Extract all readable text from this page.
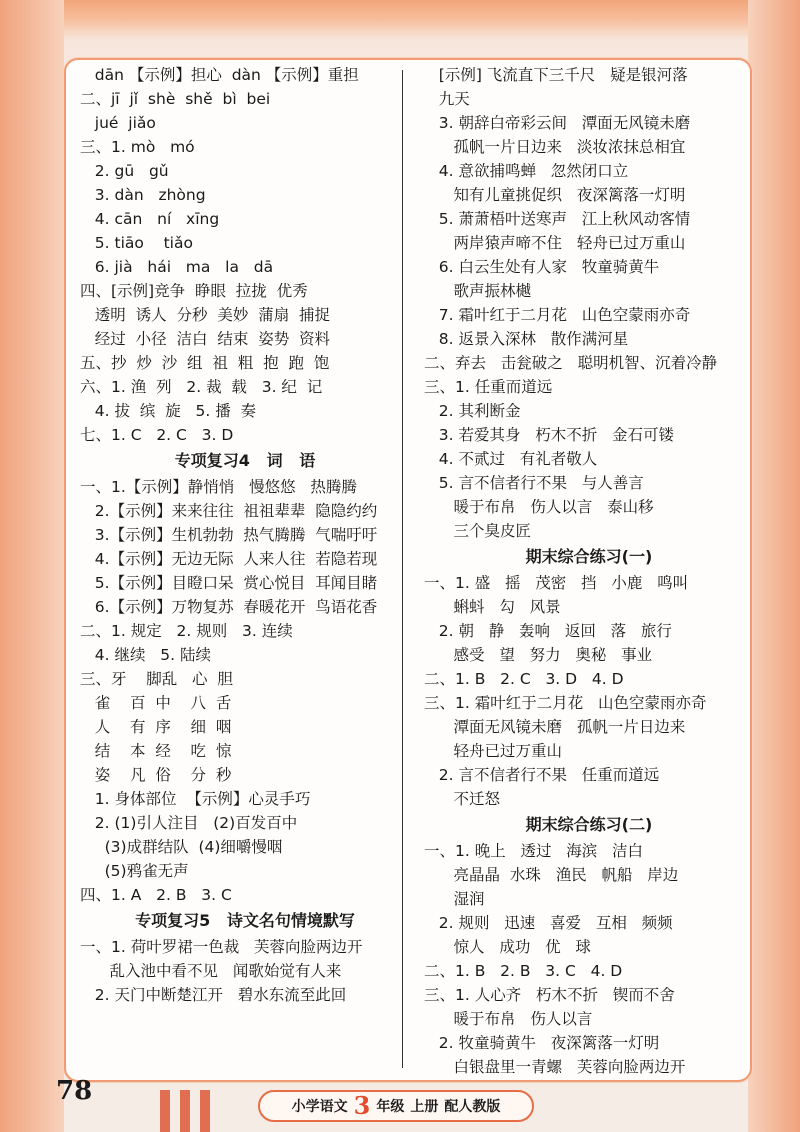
dān 【示例】担心  dàn 【示例】重担
二、jī  jǐ  shè  shě  bì  bei
jué  jiǎo
三、1. mò   mó
2. gū   gǔ
3. dàn   zhòng
4. cān   ní   xīng
5. tiāo    tiǎo
6. jià   hái   ma   la   dā
四、[示例]竞争  睁眼  拉拢  优秀
透明  诱人  分秒  美妙  蒲扇  捕捉
经过  小径  洁白  结束  姿势  资料
五、抄  炒  沙  组  祖  粗  抱  跑  饱
六、1. 渔  列   2. 裁  载   3. 纪  记
4. 拔  缤  旋   5. 播  奏
七、1. C   2. C   3. D
专项复习4   词   语
一、1.【示例】静悄悄   慢悠悠   热腾腾
2.【示例】来来往往  祖祖辈辈  隐隐约约
3.【示例】生机勃勃  热气腾腾  气喘吁吁
4.【示例】无边无际  人来人往  若隐若现
5.【示例】目瞪口呆  赏心悦目  耳闻目睹
6.【示例】万物复苏  春暖花开  鸟语花香
二、1. 规定   2. 规则   3. 连续
4. 继续   5. 陆续
三、牙    脚乱   心  胆
雀    百  中    八  舌
人    有  序    细  咽
结    本  经    吃  惊
姿    凡  俗    分  秒
1. 身体部位  【示例】心灵手巧
2. (1)引人注目   (2)百发百中
(3)成群结队  (4)细嚼慢咽
(5)鸦雀无声
四、1. A   2. B   3. C
专项复习5   诗文名句情境默写
一、1. 荷叶罗裙一色裁   芙蓉向脸两边开
乱入池中看不见   闻歌始觉有人来
2. 天门中断楚江开   碧水东流至此回
[示例] 飞流直下三千尺   疑是银河落
九天
3. 朝辞白帝彩云间   潭面无风镜未磨
孤帆一片日边来   淡妆浓抹总相宜
4. 意欲捕鸣蝉   忽然闭口立
知有儿童挑促织   夜深篱落一灯明
5. 萧萧梧叶送寒声   江上秋风动客情
两岸猿声啼不住   轻舟已过万重山
6. 白云生处有人家   牧童骑黄牛
歌声振林樾
7. 霜叶红于二月花   山色空蒙雨亦奇
8. 返景入深林   散作满河星
二、弃去   击瓮破之   聪明机智、沉着冷静
三、1. 任重而道远
2. 其利断金
3. 若爱其身   朽木不折   金石可镂
4. 不贰过   有礼者敬人
5. 言不信者行不果   与人善言
暖于布帛   伤人以言   泰山移
三个臭皮匠
期末综合练习(一)
一、1. 盛   摇   茂密   挡   小鹿   鸣叫
蝌蚪   勾   风景
2. 朝   静   轰响   返回   落   旅行
感受   望   努力   奥秘   事业
二、1. B   2. C   3. D   4. D
三、1. 霜叶红于二月花   山色空蒙雨亦奇
潭面无风镜未磨   孤帆一片日边来
轻舟已过万重山
2. 言不信者行不果   任重而道远
不迁怒
期末综合练习(二)
一、1. 晚上   透过   海滨   洁白
亮晶晶  水珠   渔民   帆船   岸边
湿润
2. 规则   迅速   喜爱   互相   频频
惊人   成功   优   球
二、1. B   2. B   3. C   4. D
三、1. 人心齐   朽木不折   锲而不舍
暖于布帛   伤人以言
2. 牧童骑黄牛   夜深篱落一灯明
白银盘里一青螺   芙蓉向脸两边开
78
小学语文 3 年级 上册 配人教版
